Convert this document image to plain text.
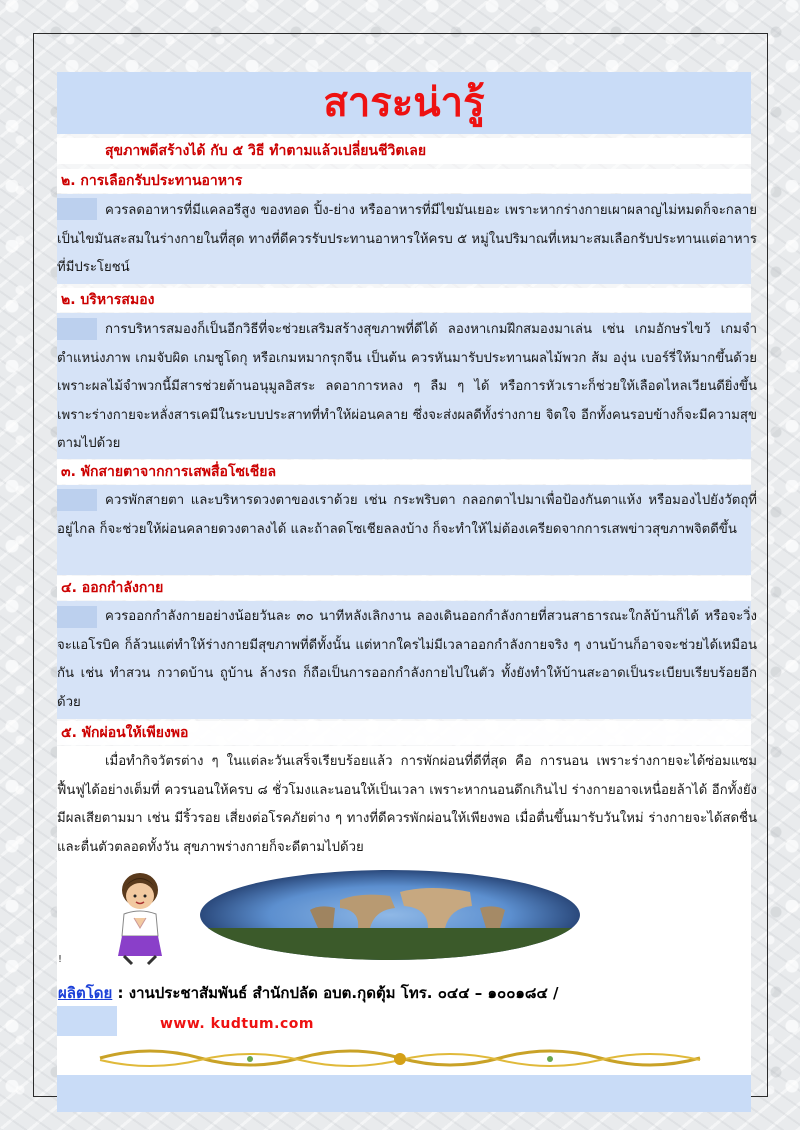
สาระน่ารู้
สุขภาพดีสร้างได้ กับ ๕ วิธี ทำตามแล้วเปลี่ยนชีวิตเลย
๒. การเลือกรับประทานอาหาร

ควรลดอาหารที่มีแคลอรีสูง ของทอด ปิ้ง-ย่าง หรืออาหารที่มีไขมันเยอะ เพราะหากร่างกายเผาผลาญไม่หมดก็จะกลายเป็นไขมันสะสมในร่างกายในที่สุด ทางที่ดีควรรับประทานอาหารให้ครบ ๕ หมู่ในปริมาณที่เหมาะสมเลือกรับประทานแต่อาหารที่มีประโยชน์

๒. บริหารสมอง

การบริหารสมองก็เป็นอีกวิธีที่จะช่วยเสริมสร้างสุขภาพที่ดีได้ ลองหาเกมฝึกสมองมาเล่น เช่น เกมอักษรไขว้ เกมจำตำแหน่งภาพ เกมจับผิด เกมซูโดกุ หรือเกมหมากรุกจีน เป็นต้น ควรหันมารับประทานผลไม้พวก ส้ม องุ่น เบอร์รี่ให้มากขึ้นด้วย เพราะผลไม้จำพวกนี้มีสารช่วยต้านอนุมูลอิสระ ลดอาการหลง ๆ ลืม ๆ ได้ หรือการหัวเราะก็ช่วยให้เลือดไหลเวียนดียิ่งขึ้น เพราะร่างกายจะหลั่งสารเคมีในระบบประสาทที่ทำให้ผ่อนคลาย ซึ่งจะส่งผลดีทั้งร่างกาย จิตใจ อีกทั้งคนรอบข้างก็จะมีความสุขตามไปด้วย

๓. พักสายตาจากการเสพสื่อโซเชียล

ควรพักสายตา และบริหารดวงตาของเราด้วย เช่น กระพริบตา กลอกตาไปมาเพื่อป้องกันตาแห้ง หรือมองไปยังวัตถุที่อยู่ไกล ก็จะช่วยให้ผ่อนคลายดวงตาลงได้ และถ้าลดโซเชียลลงบ้าง ก็จะทำให้ไม่ต้องเครียดจากการเสพข่าวสุขภาพจิตดีขึ้น

๔. ออกกำลังกาย

ควรออกกำลังกายอย่างน้อยวันละ ๓๐ นาทีหลังเลิกงาน ลองเดินออกกำลังกายที่สวนสาธารณะใกล้บ้านก็ได้ หรือจะวิ่ง จะแอโรบิค ก็ล้วนแต่ทำให้ร่างกายมีสุขภาพที่ดีทั้งนั้น แต่หากใครไม่มีเวลาออกกำลังกายจริง ๆ งานบ้านก็อาจจะช่วยได้เหมือนกัน เช่น ทำสวน กวาดบ้าน ถูบ้าน ล้างรถ ก็ถือเป็นการออกกำลังกายไปในตัว ทั้งยังทำให้บ้านสะอาดเป็นระเบียบเรียบร้อยอีกด้วย

๕. พักผ่อนให้เพียงพอ

เมื่อทำกิจวัตรต่าง ๆ ในแต่ละวันเสร็จเรียบร้อยแล้ว การพักผ่อนที่ดีที่สุด คือ การนอน เพราะร่างกายจะได้ซ่อมแซมฟื้นฟูได้อย่างเต็มที่ ควรนอนให้ครบ ๘ ชั่วโมงและนอนให้เป็นเวลา เพราะหากนอนดึกเกินไป ร่างกายอาจเหนื่อยล้าได้ อีกทั้งยังมีผลเสียตามมา เช่น มีริ้วรอย เสี่ยงต่อโรคภัยต่าง ๆ ทางที่ดีควรพักผ่อนให้เพียงพอ เมื่อตื่นขึ้นมารับวันใหม่ ร่างกายจะได้สดชื่นและตื่นตัวตลอดทั้งวัน สุขภาพร่างกายก็จะดีตามไปด้วย

!
ผลิตโดย : งานประชาสัมพันธ์ สำนักปลัด อบต.กุดตุ้ม โทร. ๐๔๔ – ๑๐๐๑๘๔ /
www. kudtum.com
